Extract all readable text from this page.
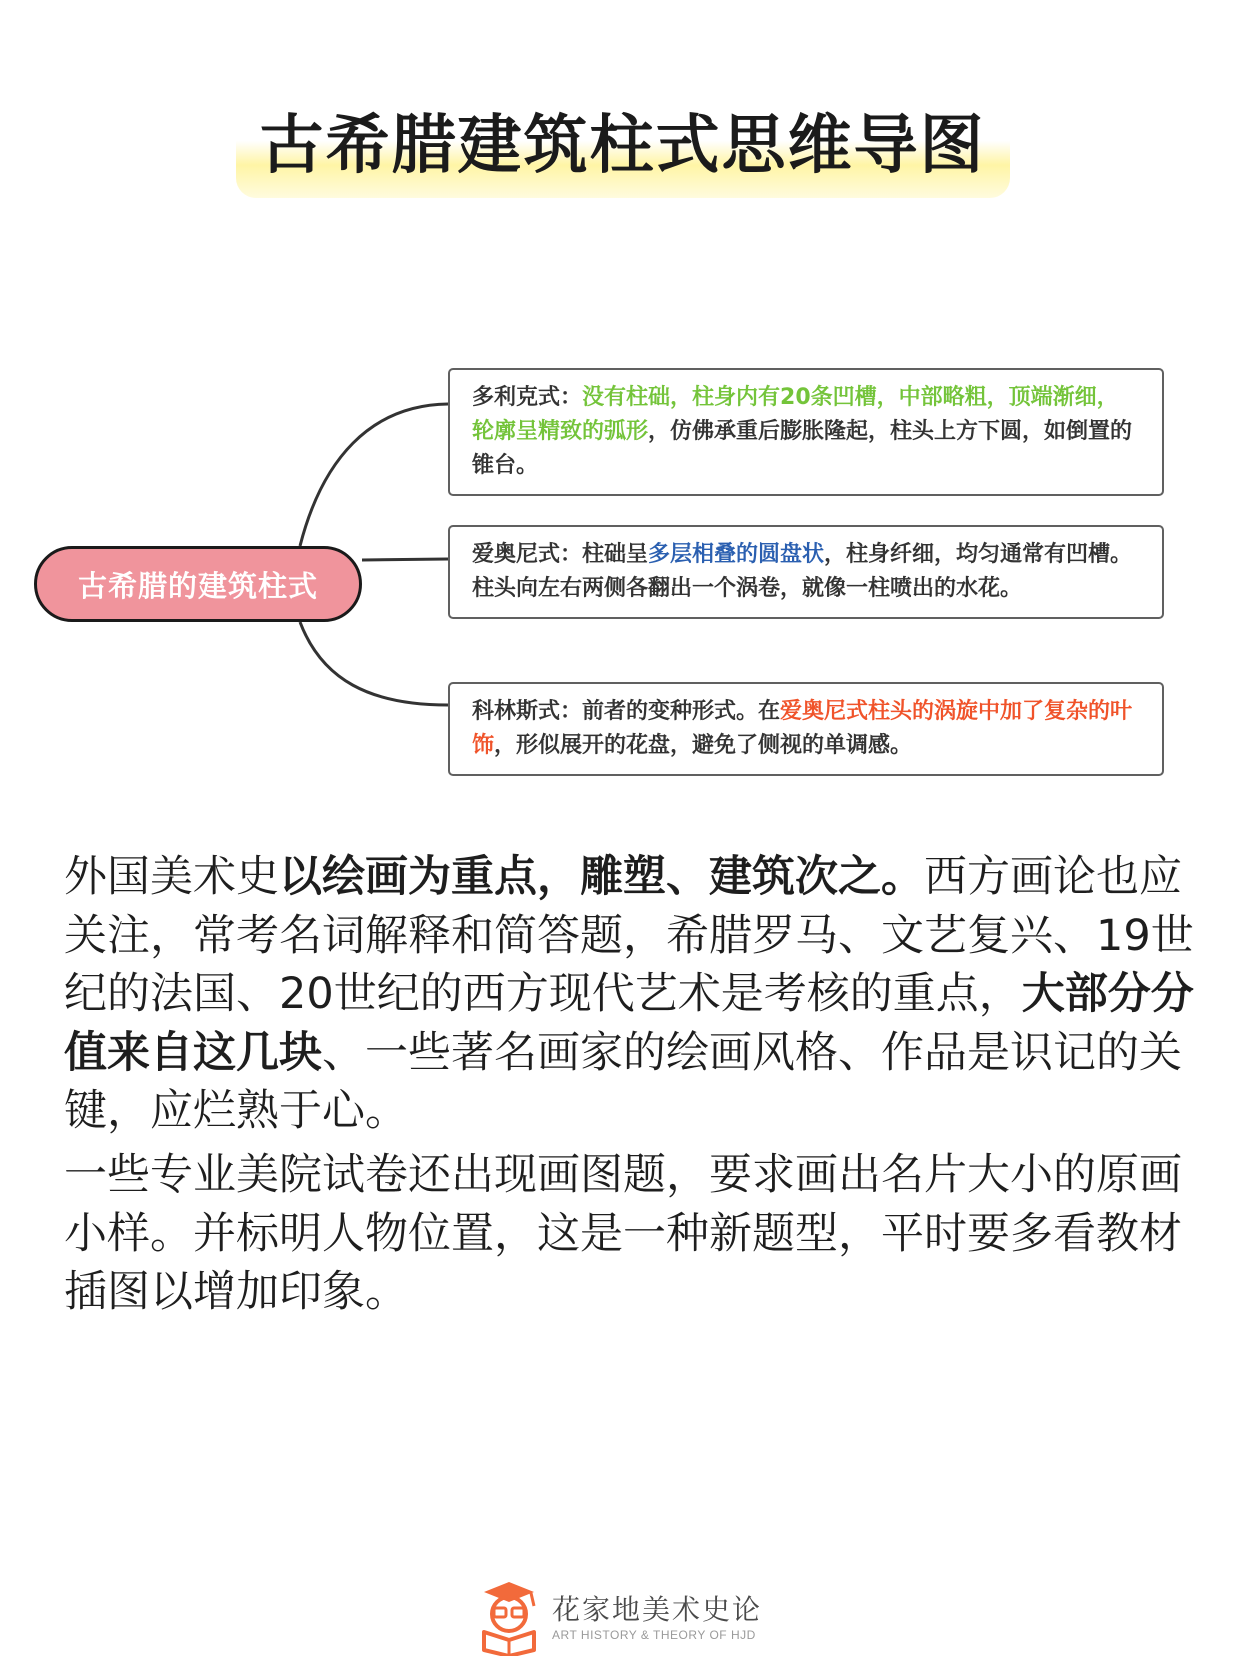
古希腊建筑柱式思维导图
古希腊的建筑柱式
多利克式：没有柱础，柱身内有20条凹槽，中部略粗，顶端渐细，轮廓呈精致的弧形，仿佛承重后膨胀隆起，柱头上方下圆，如倒置的锥台。
爱奥尼式：柱础呈多层相叠的圆盘状，柱身纤细，均匀通常有凹槽。柱头向左右两侧各翻出一个涡卷，就像一柱喷出的水花。
科林斯式：前者的变种形式。在爱奥尼式柱头的涡旋中加了复杂的叶饰，形似展开的花盘，避免了侧视的单调感。
外国美术史以绘画为重点，雕塑、建筑次之。西方画论也应关注，常考名词解释和简答题，希腊罗马、文艺复兴、19世纪的法国、20世纪的西方现代艺术是考核的重点，大部分分值来自这几块、一些著名画家的绘画风格、作品是识记的关键，应烂熟于心。
一些专业美院试卷还出现画图题，要求画出名片大小的原画小样。并标明人物位置，这是一种新题型，平时要多看教材插图以增加印象。
花家地美术史论
ART HISTORY & THEORY OF HJD
